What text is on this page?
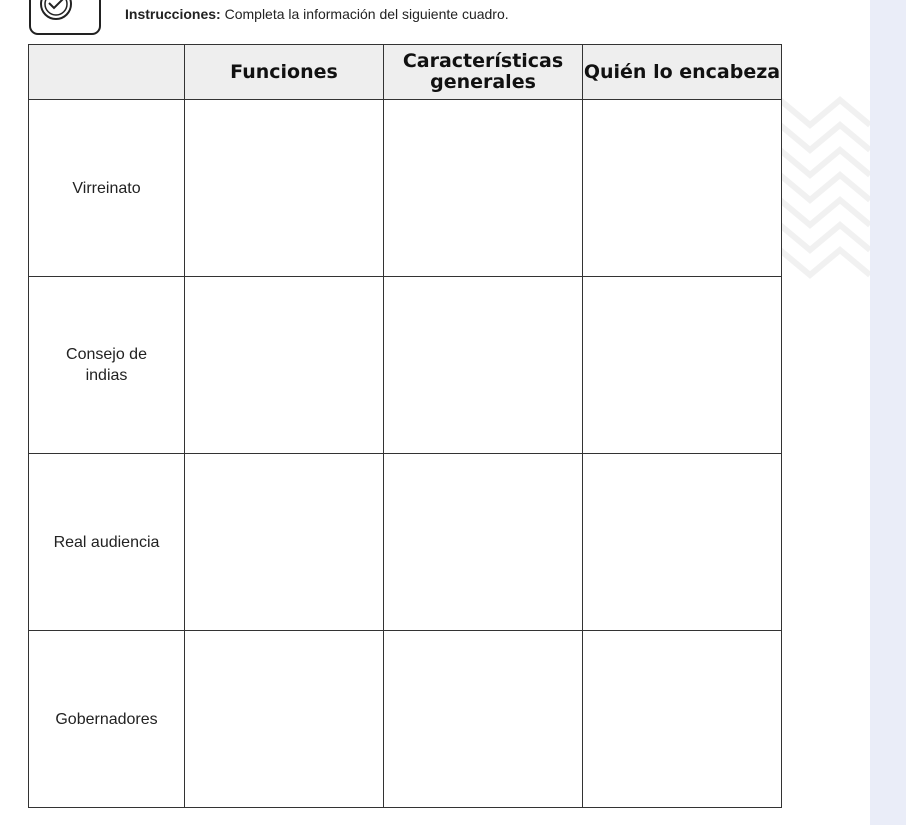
Instrucciones: Completa la información del siguiente cuadro.
	Funciones	Características generales	Quién lo encabeza
Virreinato			
Consejo de indias			
Real audiencia			
Gobernadores			
